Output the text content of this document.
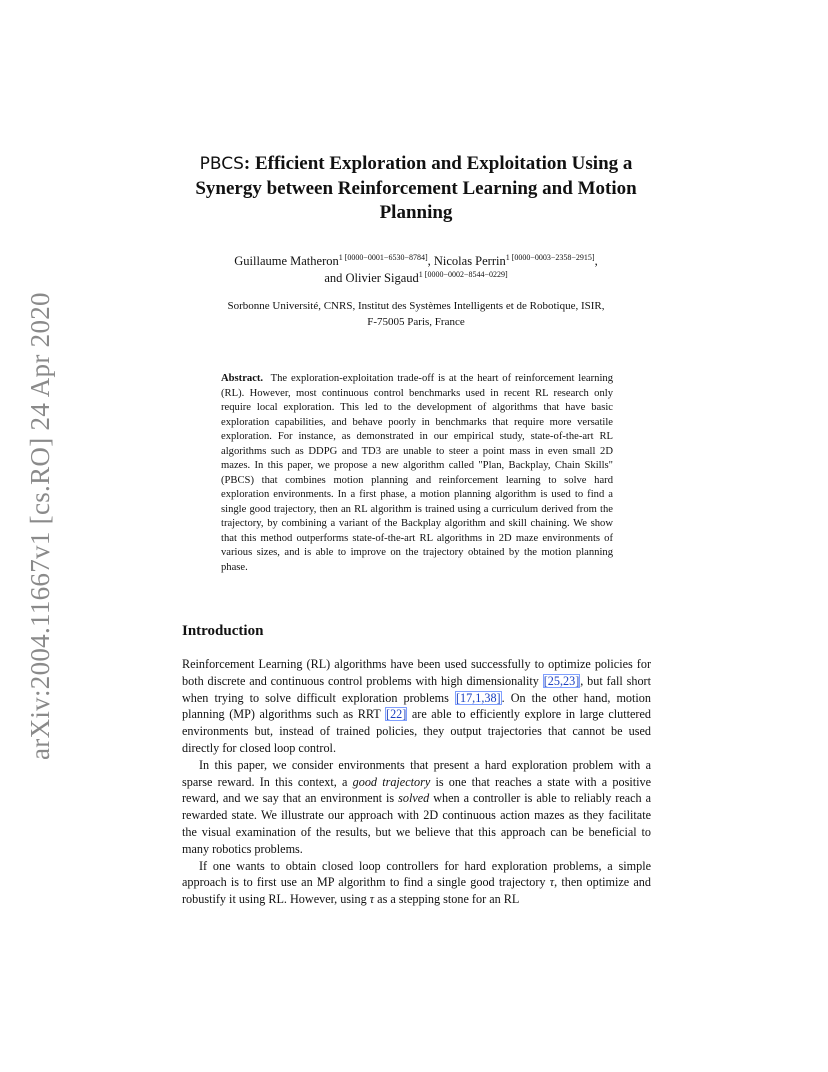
arXiv:2004.11667v1 [cs.RO] 24 Apr 2020
PBCS: Efficient Exploration and Exploitation Using a Synergy between Reinforcement Learning and Motion Planning
Guillaume Matheron$^{1 [0000-0001-6530-8784]}$, Nicolas Perrin$^{1 [0000-0003-2358-2915]}$,
and Olivier Sigaud$^{1 [0000-0002-8544-0229]}$
Sorbonne Université, CNRS, Institut des Systèmes Intelligents et de Robotique, ISIR,
F-75005 Paris, France
Abstract. The exploration-exploitation trade-off is at the heart of reinforcement learning (RL). However, most continuous control benchmarks used in recent RL research only require local exploration. This led to the development of algorithms that have basic exploration capabilities, and behave poorly in benchmarks that require more versatile exploration. For instance, as demonstrated in our empirical study, state-of-the-art RL algorithms such as DDPG and TD3 are unable to steer a point mass in even small 2D mazes. In this paper, we propose a new algorithm called "Plan, Backplay, Chain Skills" (PBCS) that combines motion planning and reinforcement learning to solve hard exploration environments. In a first phase, a motion planning algorithm is used to find a single good trajectory, then an RL algorithm is trained using a curriculum derived from the trajectory, by combining a variant of the Backplay algorithm and skill chaining. We show that this method outperforms state-of-the-art RL algorithms in 2D maze environments of various sizes, and is able to improve on the trajectory obtained by the motion planning phase.
Introduction

Reinforcement Learning (RL) algorithms have been used successfully to optimize policies for both discrete and continuous control problems with high dimensionality [25,23], but fall short when trying to solve difficult exploration problems [17,1,38]. On the other hand, motion planning (MP) algorithms such as RRT [22] are able to efficiently explore in large cluttered environments but, instead of trained policies, they output trajectories that cannot be used directly for closed loop control.

In this paper, we consider environments that present a hard exploration problem with a sparse reward. In this context, a good trajectory is one that reaches a state with a positive reward, and we say that an environment is solved when a controller is able to reliably reach a rewarded state. We illustrate our approach with 2D continuous action mazes as they facilitate the visual examination of the results, but we believe that this approach can be beneficial to many robotics problems.

If one wants to obtain closed loop controllers for hard exploration problems, a simple approach is to first use an MP algorithm to find a single good trajectory τ, then optimize and robustify it using RL. However, using τ as a stepping stone for an RL
